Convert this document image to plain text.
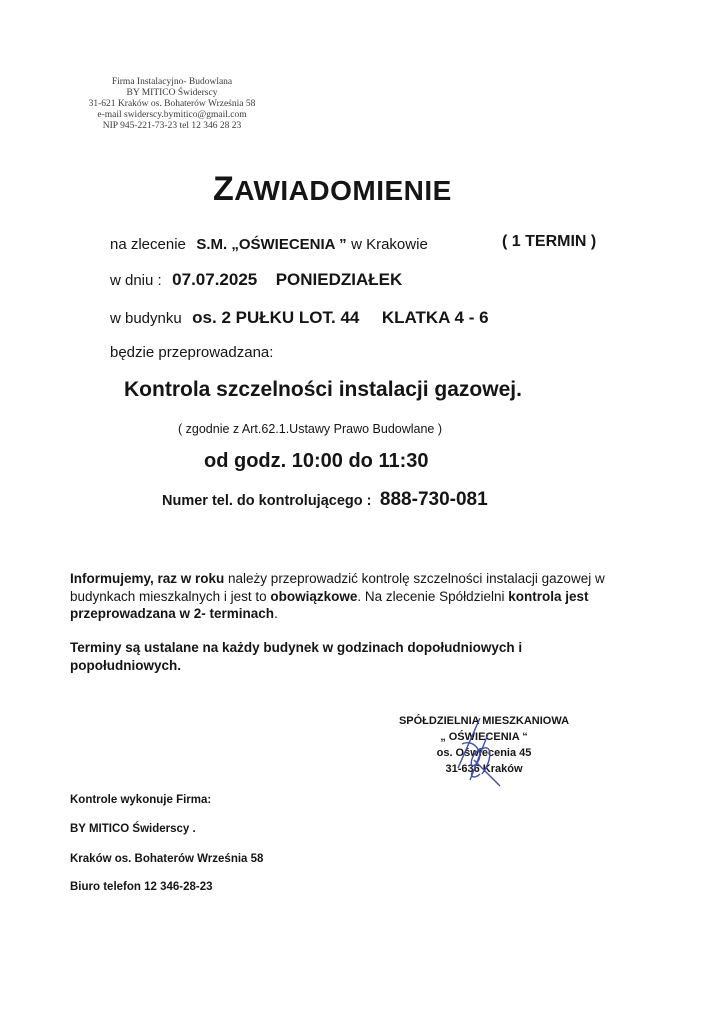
Firma Instalacyjno- Budowlana
BY MITICO Świderscy
31-621 Kraków os. Bohaterów Września 58
e-mail swiderscy.bymitico@gmail.com
NIP 945-221-73-23 tel 12 346 28 23
ZAWIADOMIENIE
na zlecenie S.M. „OŚWIECENIA ” w Krakowie	( 1 TERMIN )
w dniu : 07.07.2025 PONIEDZIAŁEK
w budynku os. 2 PUŁKU LOT. 44 KLATKA 4 - 6
będzie przeprowadzana:
Kontrola szczelności instalacji gazowej.
( zgodnie z Art.62.1.Ustawy Prawo Budowlane )
od godz. 10:00 do 11:30
Numer tel. do kontrolującego : 888-730-081
Informujemy, raz w roku należy przeprowadzić kontrolę szczelności instalacji gazowej w budynkach mieszkalnych i jest to obowiązkowe. Na zlecenie Spółdzielni kontrola jest przeprowadzana w 2- terminach.
Terminy są ustalane na każdy budynek w godzinach dopołudniowych i popołudniowych.
SPÓŁDZIELNIA MIESZKANIOWA
„ OŚWIECENIA “
os. Oświecenia 45
31-636 Kraków
Kontrole wykonuje Firma:
BY MITICO Świderscy .
Kraków os. Bohaterów Września 58
Biuro telefon 12 346-28-23
